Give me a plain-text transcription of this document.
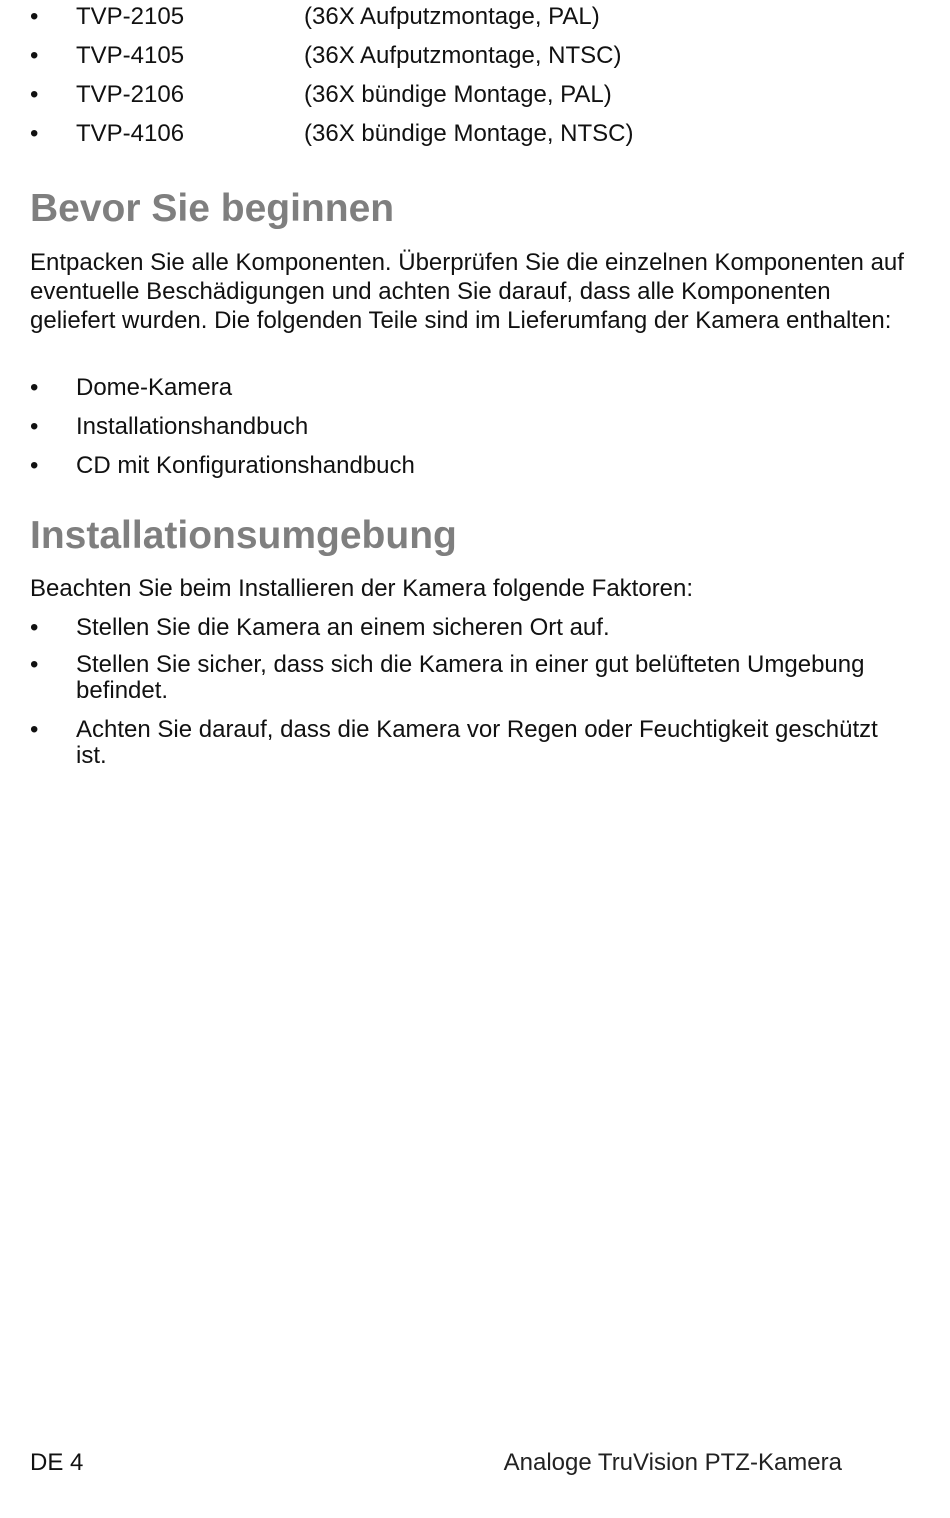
•	TVP-2105	(36X Aufputzmontage, PAL)
•	TVP-4105	(36X Aufputzmontage, NTSC)
•	TVP-2106	(36X bündige Montage, PAL)
•	TVP-4106	(36X bündige Montage, NTSC)
Bevor Sie beginnen

Entpacken Sie alle Komponenten. Überprüfen Sie die einzelnen Komponenten auf eventuelle Beschädigungen und achten Sie darauf, dass alle Komponenten geliefert wurden. Die folgenden Teile sind im Lieferumfang der Kamera enthalten:

•	Dome-Kamera
•	Installationshandbuch
•	CD mit Konfigurationshandbuch
Installationsumgebung

Beachten Sie beim Installieren der Kamera folgende Faktoren:

•	Stellen Sie die Kamera an einem sicheren Ort auf.
•	Stellen Sie sicher, dass sich die Kamera in einer gut belüfteten Umgebung befindet.
•	Achten Sie darauf, dass die Kamera vor Regen oder Feuchtigkeit geschützt ist.
DE 4	Analoge TruVision PTZ-Kamera
